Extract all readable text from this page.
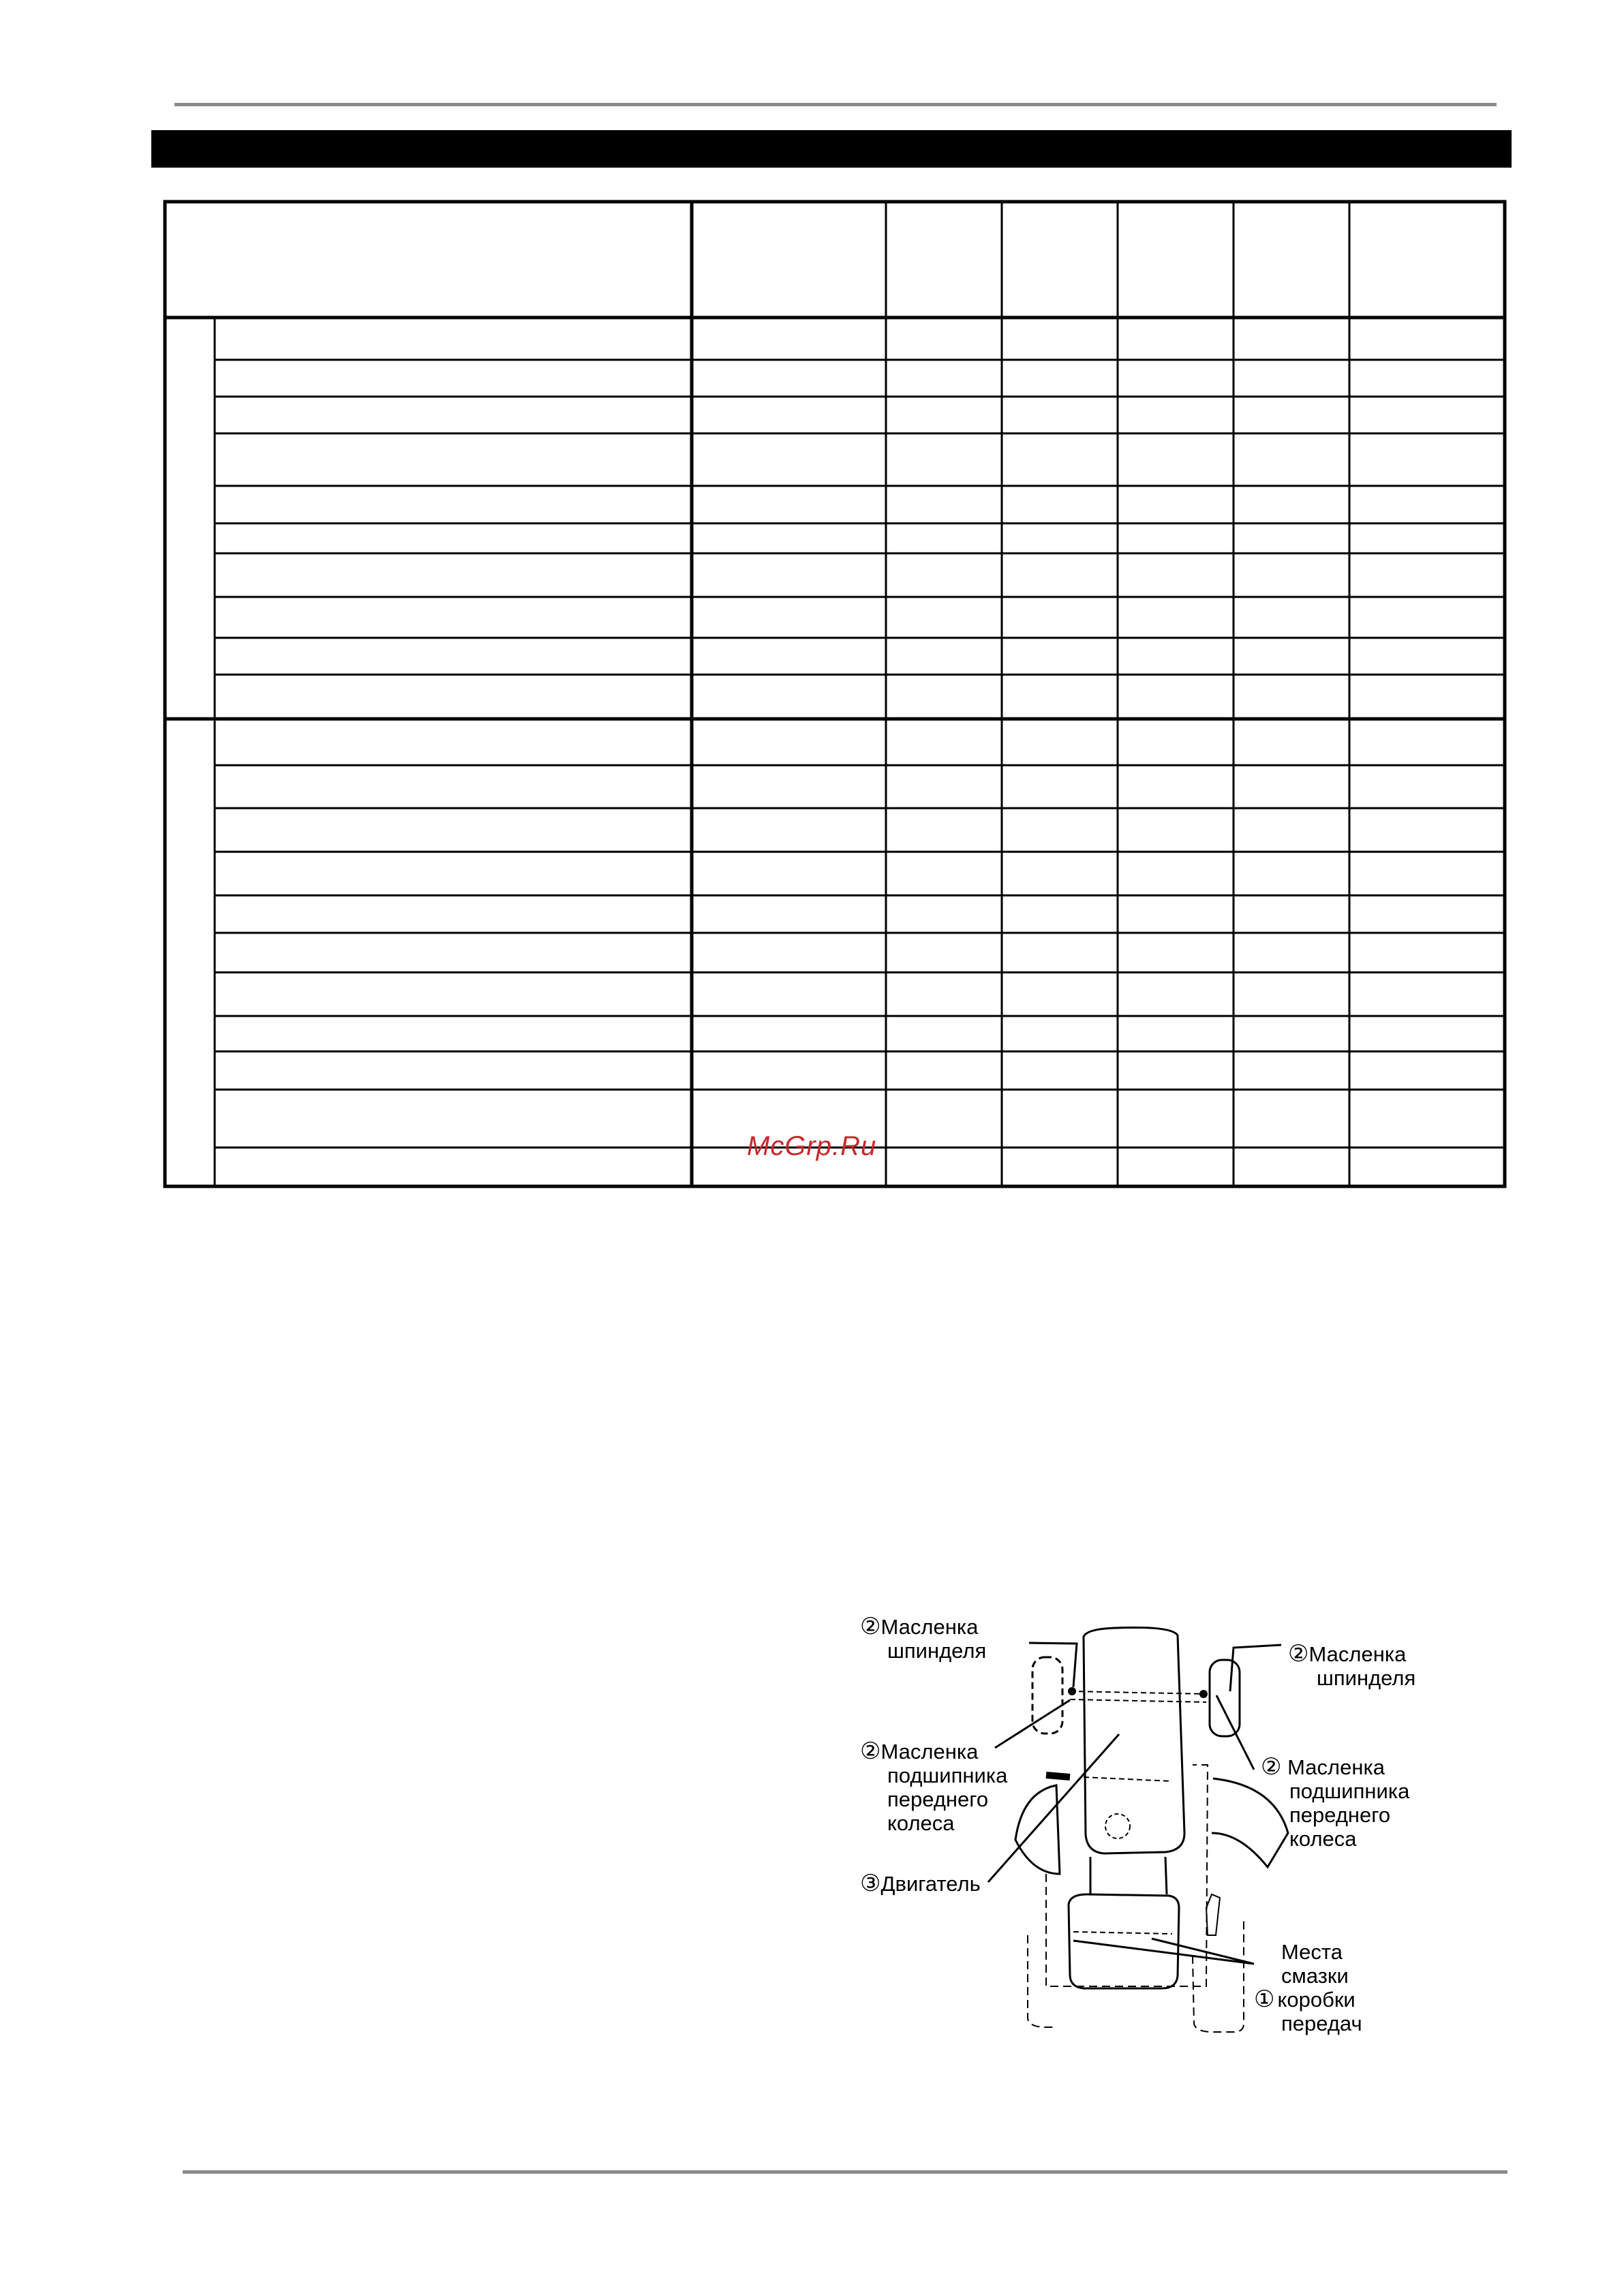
McGrp.Ru
②Масленка
шпинделя	②Масленка
шпинделя
②Масленка
подшипника
переднего
колеса
② Масленка
подшипника
переднего
колеса
③Двигатель
Места
смазки
① коробки
передач
